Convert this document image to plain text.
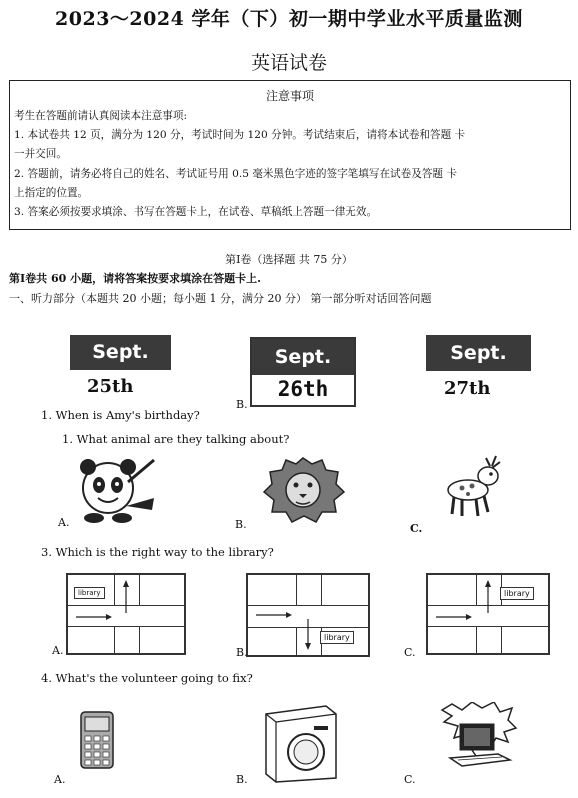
2023〜2024 学年（下）初一期中学业水平质量监测
英语试卷
注意事项
考生在答题前请认真阅读本注意事项:
1. 本试卷共 12 页，满分为 120 分，考试时间为 120 分钟。考试结束后，请将本试卷和答题 卡
一并交回。
2. 答题前，请务必将自己的姓名、考试证号用 0.5 毫米黑色字迹的签字笔填写在试卷及答题 卡
上指定的位置。
3. 答案必须按要求填涂、书写在答题卡上，在试卷、草稿纸上答题一律无效。
第Ⅰ卷（选择题 共 75 分）
第Ⅰ卷共 60 小题，请将答案按要求填涂在答题卡上.
一、听力部分（本题共 20 小题；每小题 1 分，满分 20 分） 第一部分听对话回答问题
Sept.
25th
B.
Sept.
26th
Sept.
27th
1. When is Amy's birthday?
1. What animal are they talking about?
A.	B.	C.
3. Which is the right way to the library?
library
A.
library
B.
library
C.
4. What's the volunteer going to fix?
A.	B.	C.
